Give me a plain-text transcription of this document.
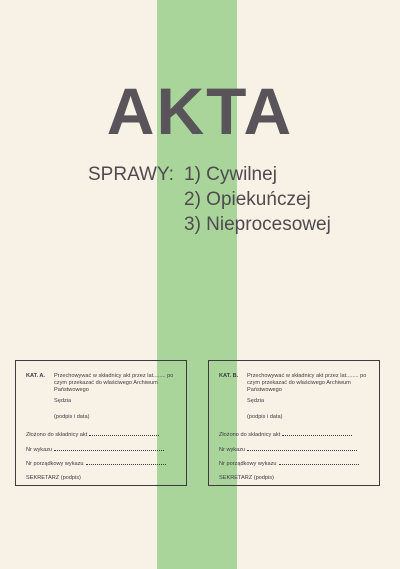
AKTA
SPRAWY: 1) Cywilnej
2) Opiekuńczej
3) Nieprocesowej
KAT. A. Przechowywać w składnicy akt przez lat........ po czym przekazać do właściwego Archiwum Państwowego
Sędzia
(podpis i data)
Złożono do składnicy akt
Nr wykazu
Nr porządkowy wykazu
SEKRETARZ (podpis)
KAT. B. Przechowywać w składnicy akt przez lat........ po czym przekazać do właściwego Archiwum Państwowego
Sędzia
(podpis i data)
Złożono do składnicy akt
Nr wykazu
Nr porządkowy wykazu
SEKRETARZ (podpis)
